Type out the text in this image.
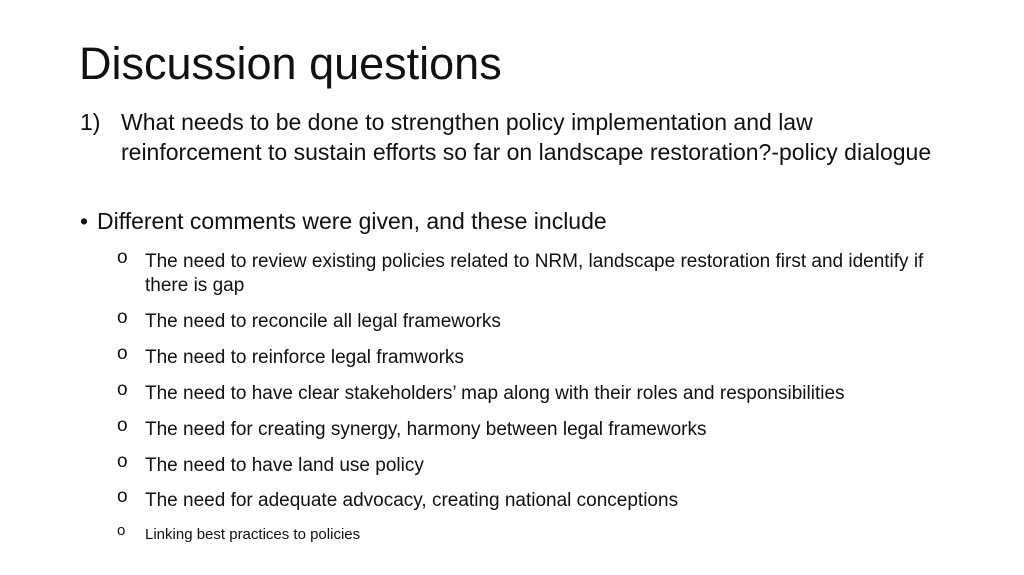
Discussion questions
1) What needs to be done to strengthen policy implementation and law reinforcement to sustain efforts so far on landscape restoration?-policy dialogue
• Different comments were given, and these include
o The need to review existing policies related to NRM, landscape restoration first and identify if there is gap
o The need to reconcile all legal frameworks
o The need to reinforce legal framworks
o The need to have clear stakeholders’ map along with their roles and responsibilities
o The need for creating synergy, harmony between legal frameworks
o The need to have land use policy
o The need for adequate advocacy, creating national conceptions
o Linking best practices to policies
